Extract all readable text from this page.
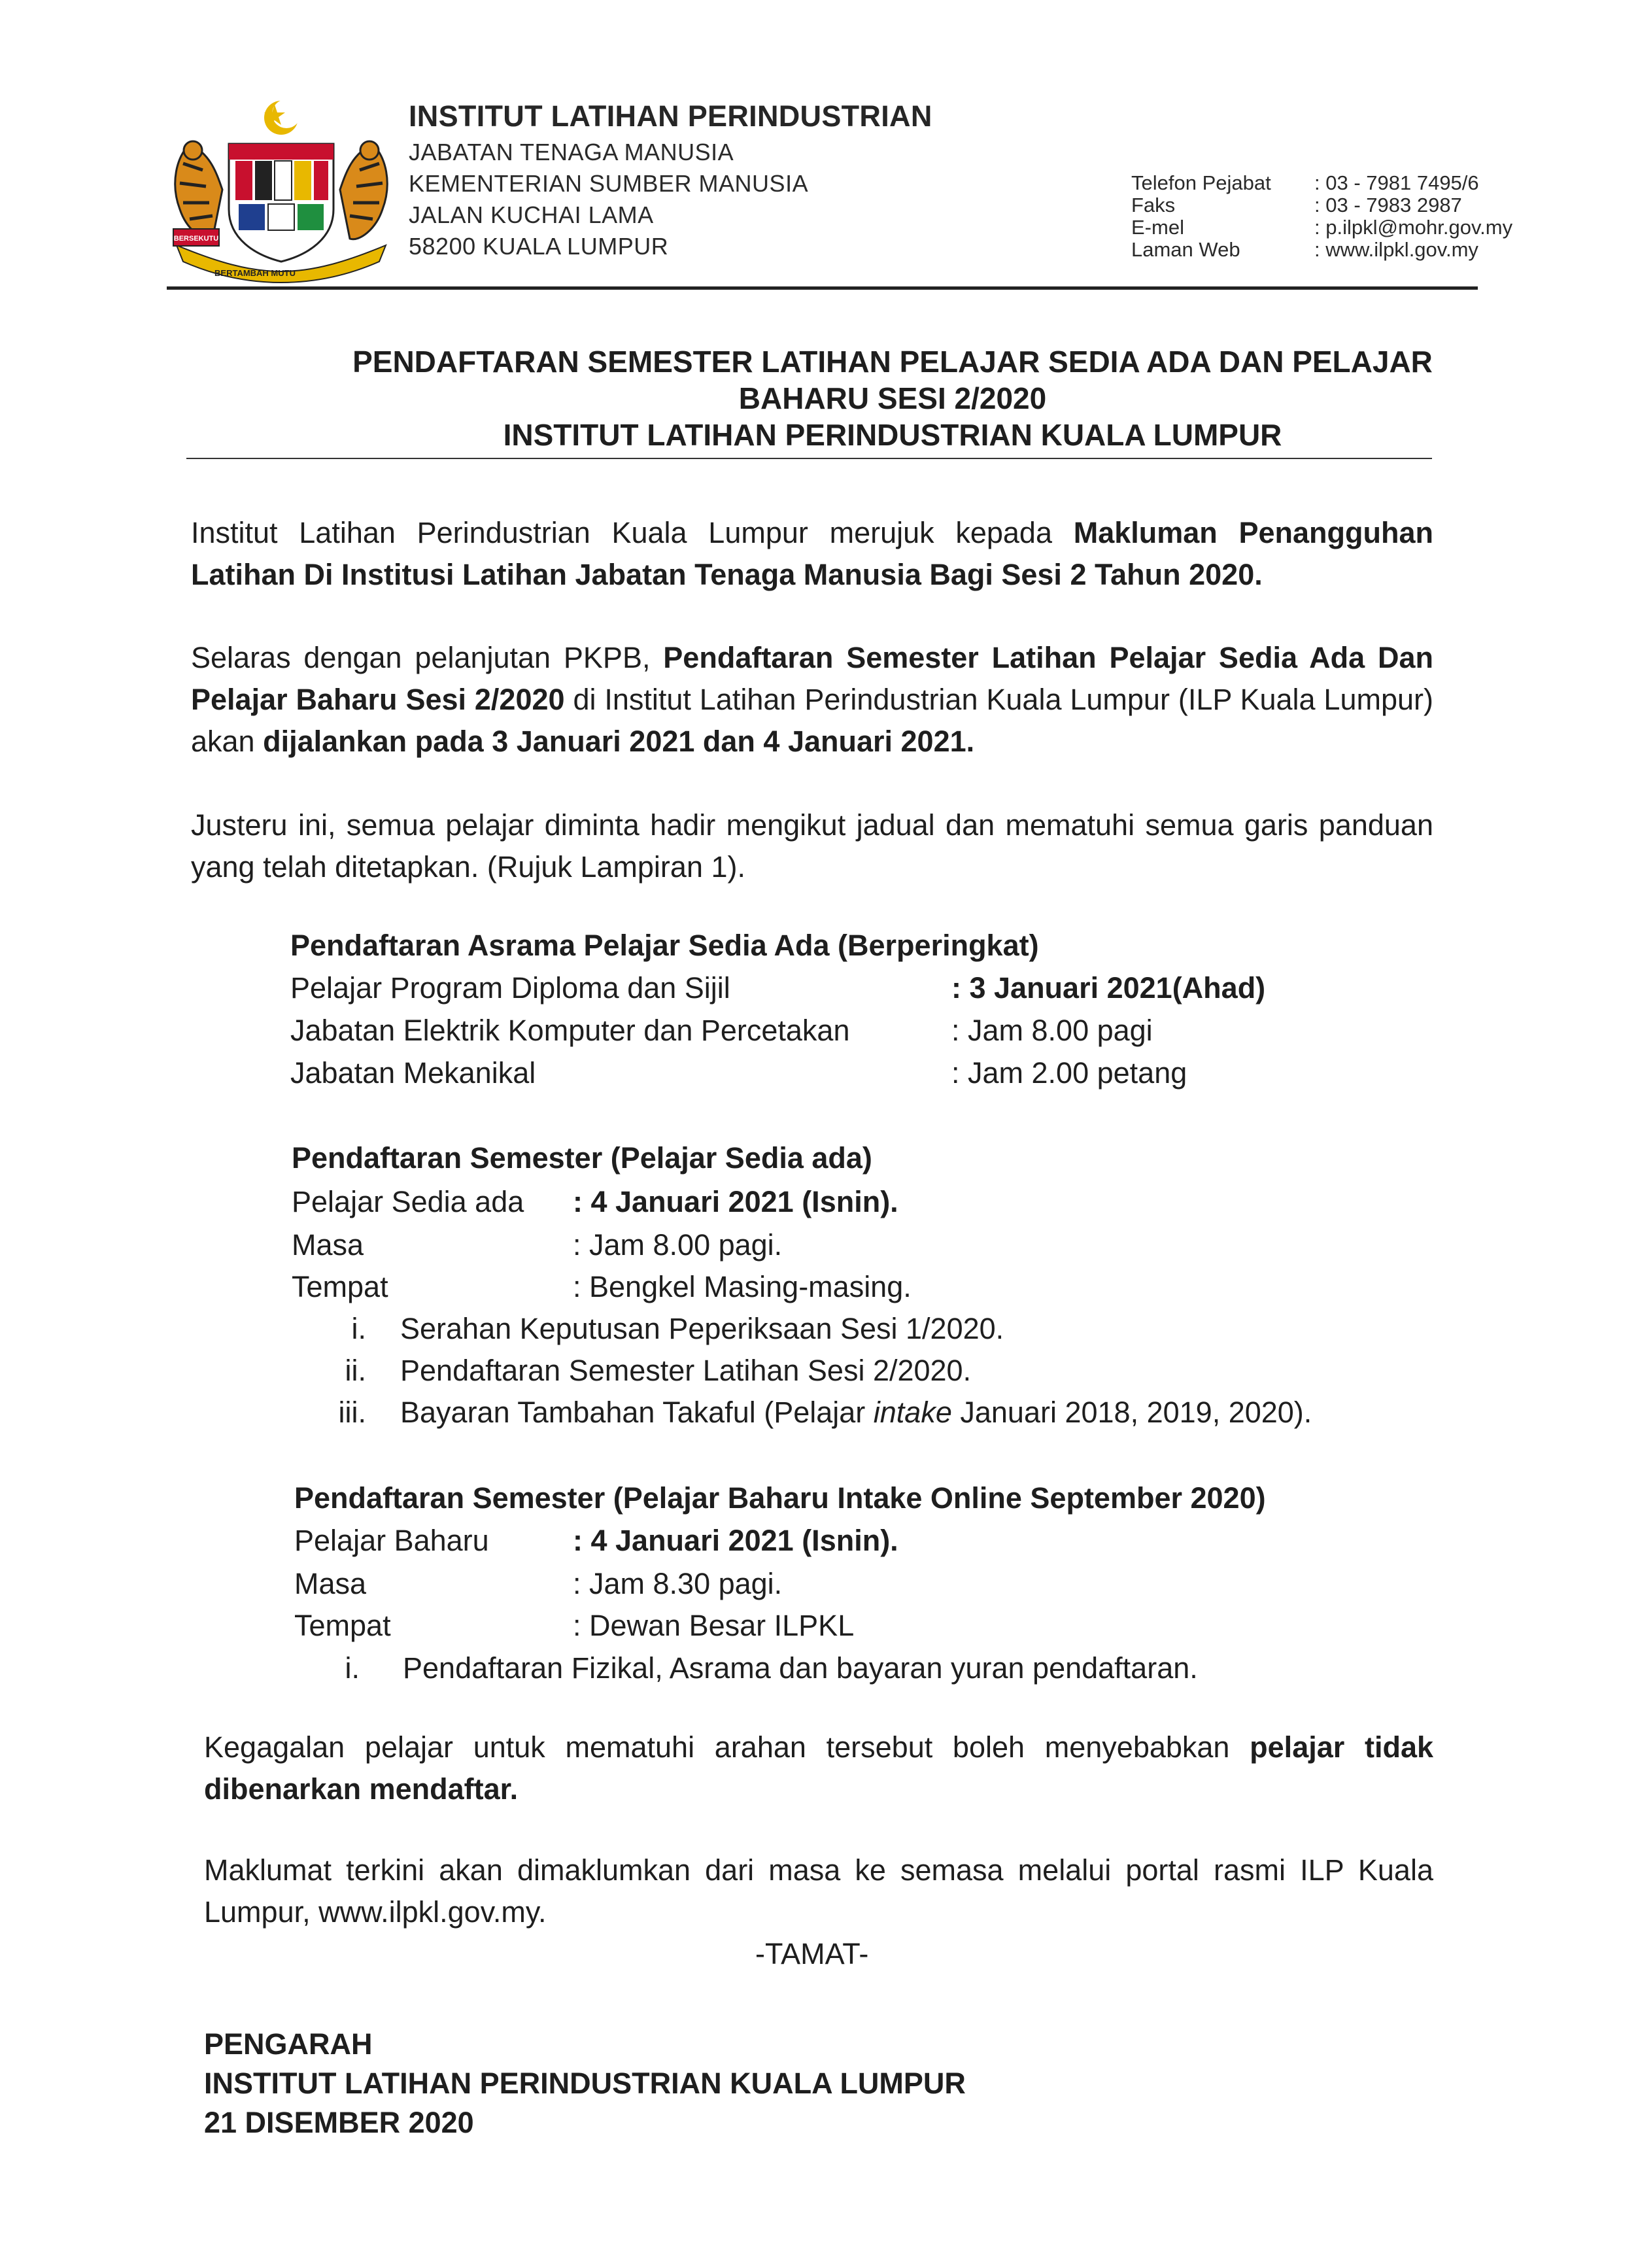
BERSEKUTU
BERTAMBAH MUTU
INSTITUT LATIHAN PERINDUSTRIAN
JABATAN TENAGA MANUSIA
KEMENTERIAN SUMBER MANUSIA
JALAN KUCHAI LAMA
58200 KUALA LUMPUR
Telefon Pejabat : 03 - 7981 7495/6
Faks	: 03 - 7983 2987
E-mel	: p.ilpkl@mohr.gov.my
Laman Web	: www.ilpkl.gov.my
PENDAFTARAN SEMESTER LATIHAN PELAJAR SEDIA ADA DAN PELAJAR
BAHARU SESI 2/2020
INSTITUT LATIHAN PERINDUSTRIAN KUALA LUMPUR
Institut Latihan Perindustrian Kuala Lumpur merujuk kepada Makluman Penangguhan Latihan Di Institusi Latihan Jabatan Tenaga Manusia Bagi Sesi 2 Tahun 2020.
Selaras dengan pelanjutan PKPB, Pendaftaran Semester Latihan Pelajar Sedia Ada Dan Pelajar Baharu Sesi 2/2020 di Institut Latihan Perindustrian Kuala Lumpur (ILP Kuala Lumpur) akan dijalankan pada 3 Januari 2021 dan 4 Januari 2021.
Justeru ini, semua pelajar diminta hadir mengikut jadual dan mematuhi semua garis panduan yang telah ditetapkan. (Rujuk Lampiran 1).
Pendaftaran Asrama Pelajar Sedia Ada (Berperingkat)
Pelajar Program Diploma dan Sijil	: 3 Januari 2021(Ahad)
Jabatan Elektrik Komputer dan Percetakan	: Jam 8.00 pagi
Jabatan Mekanikal	: Jam 2.00 petang
Pendaftaran Semester (Pelajar Sedia ada)
Pelajar Sedia ada : 4 Januari 2021 (Isnin).
Masa	: Jam 8.00 pagi.
Tempat	: Bengkel Masing-masing.
i. Serahan Keputusan Peperiksaan Sesi 1/2020.
ii. Pendaftaran Semester Latihan Sesi 2/2020.
iii. Bayaran Tambahan Takaful (Pelajar intake Januari 2018, 2019, 2020).
Pendaftaran Semester (Pelajar Baharu Intake Online September 2020)
Pelajar Baharu	: 4 Januari 2021 (Isnin).
Masa	: Jam 8.30 pagi.
Tempat	: Dewan Besar ILPKL
i. Pendaftaran Fizikal, Asrama dan bayaran yuran pendaftaran.
Kegagalan pelajar untuk mematuhi arahan tersebut boleh menyebabkan pelajar tidak dibenarkan mendaftar.
Maklumat terkini akan dimaklumkan dari masa ke semasa melalui portal rasmi ILP Kuala Lumpur, www.ilpkl.gov.my.
-TAMAT-
PENGARAH
INSTITUT LATIHAN PERINDUSTRIAN KUALA LUMPUR
21 DISEMBER 2020
